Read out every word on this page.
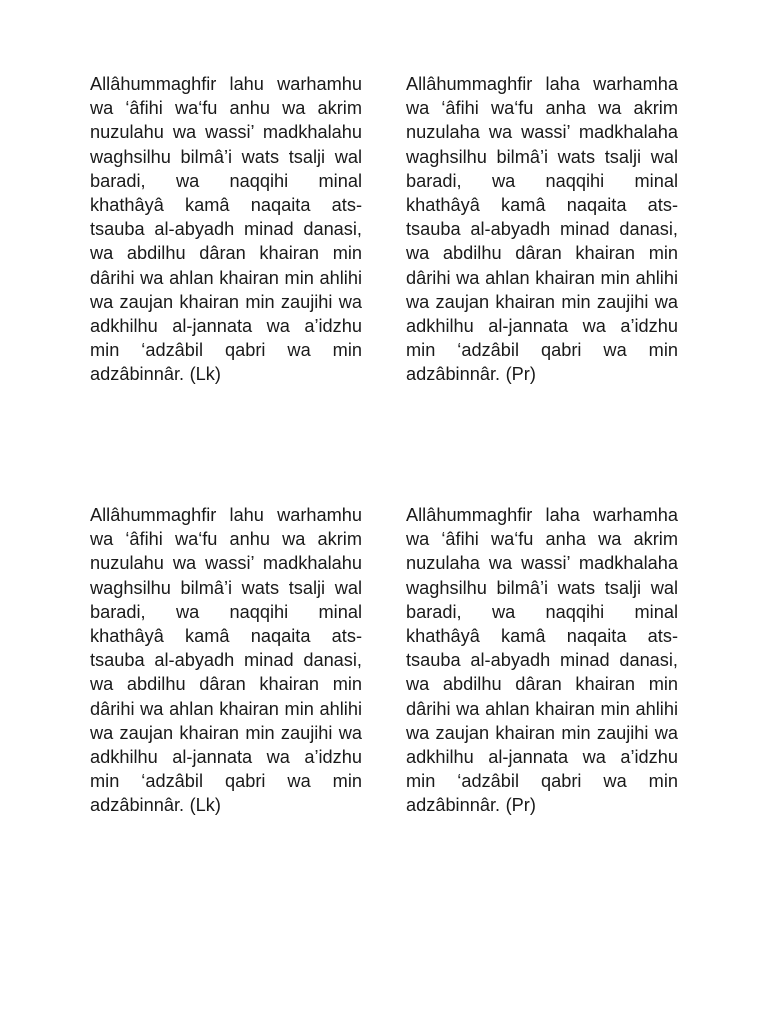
Allâhummaghfir lahu warhamhu wa ‘âfihi wa‘fu anhu wa akrim nuzulahu wa wassi’ madkhalahu waghsilhu bilmâ’i wats tsalji wal baradi, wa naqqihi minal khathâyâ kamâ naqaita ats-tsauba al-abyadh minad danasi, wa abdilhu dâran khairan min dârihi wa ahlan khairan min ahlihi wa zaujan khairan min zaujihi wa adkhilhu al-jannata wa a’idzhu min ‘adzâbil qabri wa min adzâbinnâr. (Lk)

Allâhummaghfir laha warhamha wa ‘âfihi wa‘fu anha wa akrim nuzulaha wa wassi’ madkhalaha waghsilhu bilmâ’i wats tsalji wal baradi, wa naqqihi minal khathâyâ kamâ naqaita ats-tsauba al-abyadh minad danasi, wa abdilhu dâran khairan min dârihi wa ahlan khairan min ahlihi wa zaujan khairan min zaujihi wa adkhilhu al-jannata wa a’idzhu min ‘adzâbil qabri wa min adzâbinnâr. (Pr)

Allâhummaghfir lahu warhamhu wa ‘âfihi wa‘fu anhu wa akrim nuzulahu wa wassi’ madkhalahu waghsilhu bilmâ’i wats tsalji wal baradi, wa naqqihi minal khathâyâ kamâ naqaita ats-tsauba al-abyadh minad danasi, wa abdilhu dâran khairan min dârihi wa ahlan khairan min ahlihi wa zaujan khairan min zaujihi wa adkhilhu al-jannata wa a’idzhu min ‘adzâbil qabri wa min adzâbinnâr. (Lk)

Allâhummaghfir laha warhamha wa ‘âfihi wa‘fu anha wa akrim nuzulaha wa wassi’ madkhalaha waghsilhu bilmâ’i wats tsalji wal baradi, wa naqqihi minal khathâyâ kamâ naqaita ats-tsauba al-abyadh minad danasi, wa abdilhu dâran khairan min dârihi wa ahlan khairan min ahlihi wa zaujan khairan min zaujihi wa adkhilhu al-jannata wa a’idzhu min ‘adzâbil qabri wa min adzâbinnâr. (Pr)
